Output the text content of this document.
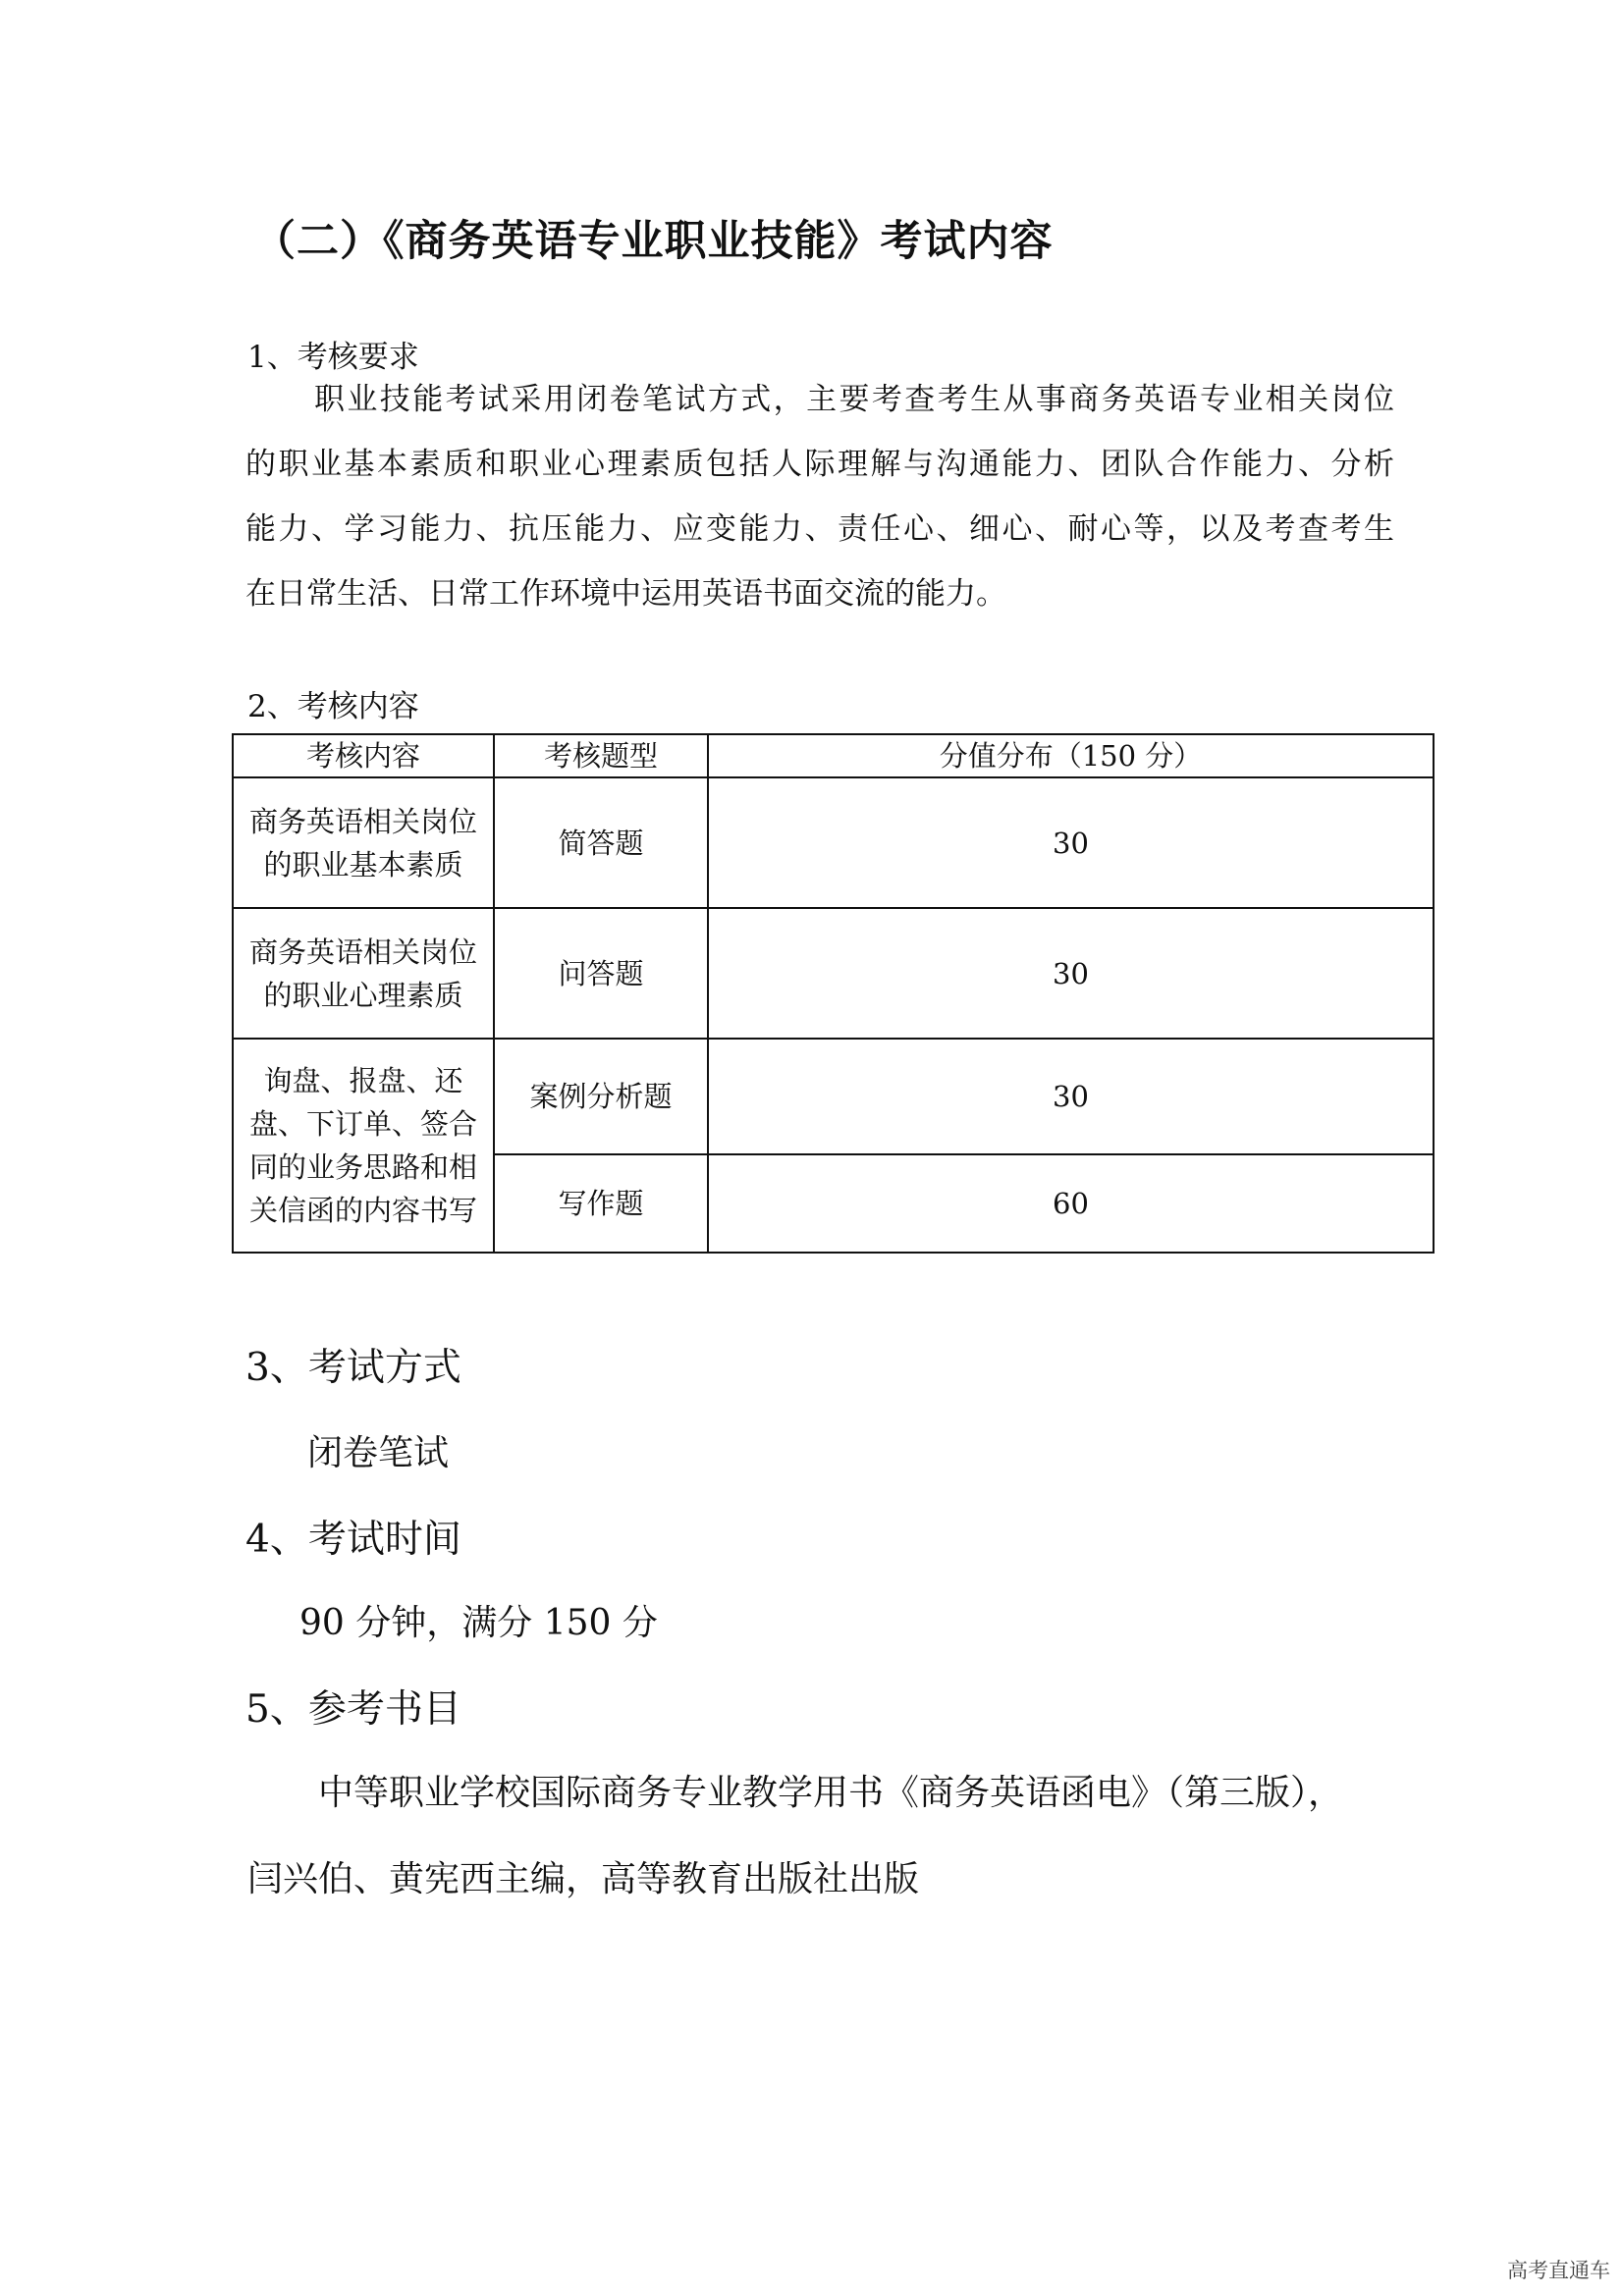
（二）《商务英语专业职业技能》考试内容
1、考核要求

职业技能考试采用闭卷笔试方式，主要考查考生从事商务英语专业相关岗位

的职业基本素质和职业心理素质包括人际理解与沟通能力、团队合作能力、分析

能力、学习能力、抗压能力、应变能力、责任心、细心、耐心等，以及考查考生

在日常生活、日常工作环境中运用英语书面交流的能力。

2、考核内容
考核内容	考核题型	分值分布（150 分）
商务英语相关岗位的职业基本素质	简答题	30
商务英语相关岗位的职业心理素质	问答题	30
询盘、报盘、还盘、下订单、签合同的业务思路和相关信函的内容书写	案例分析题	30
	写作题	60
3、考试方式
闭卷笔试
4、考试时间
90 分钟，满分 150 分
5、参考书目
中等职业学校国际商务专业教学用书《商务英语函电》（第三版），
闫兴伯、黄宪西主编，高等教育出版社出版
高考直通车
